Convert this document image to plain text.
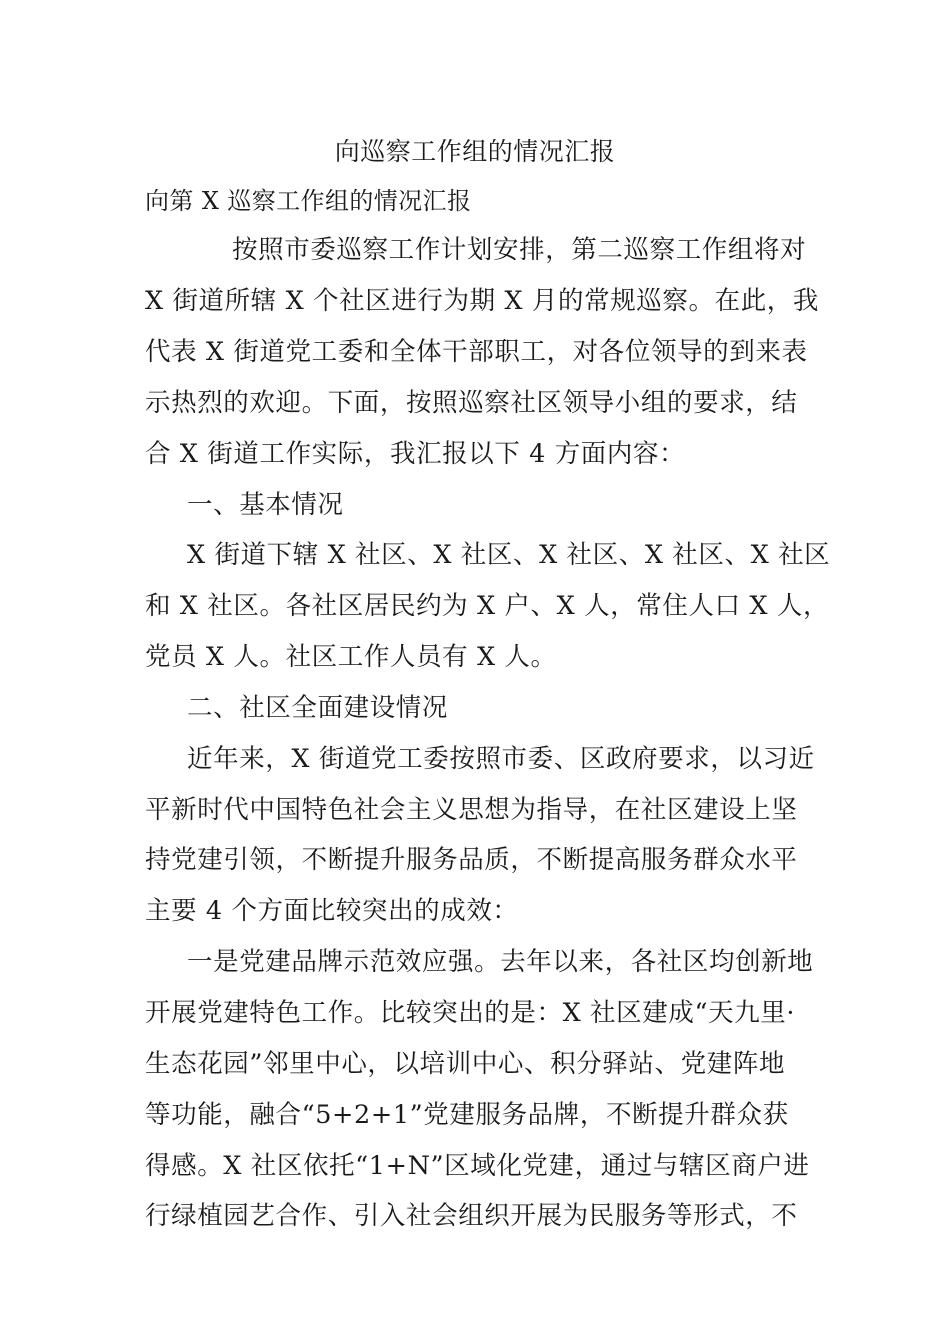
向巡察工作组的情况汇报
向第 X 巡察工作组的情况汇报
按照市委巡察工作计划安排，第二巡察工作组将对
X 街道所辖 X 个社区进行为期 X 月的常规巡察。在此，我
代表 X 街道党工委和全体干部职工，对各位领导的到来表
示热烈的欢迎。下面，按照巡察社区领导小组的要求，结
合 X 街道工作实际，我汇报以下 4 方面内容：
一、基本情况
X 街道下辖 X 社区、X 社区、X 社区、X 社区、X 社区
和 X 社区。各社区居民约为 X 户、X 人，常住人口 X 人，
党员 X 人。社区工作人员有 X 人。
二、社区全面建设情况
近年来，X 街道党工委按照市委、区政府要求，以习近
平新时代中国特色社会主义思想为指导，在社区建设上坚
持党建引领，不断提升服务品质，不断提高服务群众水平
主要 4 个方面比较突出的成效：
一是党建品牌示范效应强。去年以来，各社区均创新地
开展党建特色工作。比较突出的是：X 社区建成“天九里·
生态花园”邻里中心，以培训中心、积分驿站、党建阵地
等功能，融合“5+2+1”党建服务品牌，不断提升群众获
得感。X 社区依托“1+N”区域化党建，通过与辖区商户进
行绿植园艺合作、引入社会组织开展为民服务等形式，不
